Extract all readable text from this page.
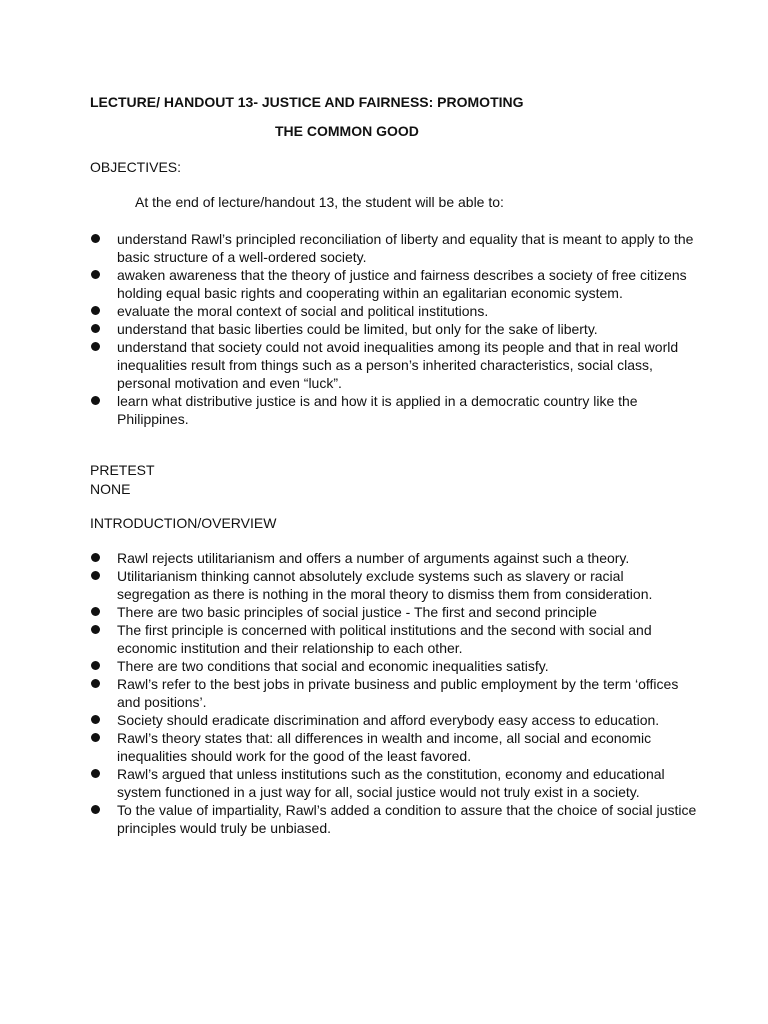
LECTURE/ HANDOUT 13- JUSTICE AND FAIRNESS: PROMOTING
THE COMMON GOOD
OBJECTIVES:
At the end of lecture/handout 13, the student will be able to:
understand Rawl’s principled reconciliation of liberty and equality that is meant to apply to the basic structure of a well-ordered society.
awaken awareness that the theory of justice and fairness describes a society of free citizens holding equal basic rights and cooperating within an egalitarian economic system.
evaluate the moral context of social and political institutions.
understand that basic liberties could be limited, but only for the sake of liberty.
understand that society could not avoid inequalities among its people and that in real world inequalities result from things such as a person’s inherited characteristics, social class, personal motivation and even “luck”.
learn what distributive justice is and how it is applied in a democratic country like the Philippines.
PRETEST
NONE
INTRODUCTION/OVERVIEW
Rawl rejects utilitarianism and offers a number of arguments against such a theory.
Utilitarianism thinking cannot absolutely exclude systems such as slavery or racial segregation as there is nothing in the moral theory to dismiss them from consideration.
There are two basic principles of social justice - The first and second principle
The first principle is concerned with political institutions and the second with social and economic institution and their relationship to each other.
There are two conditions that social and economic inequalities satisfy.
Rawl’s refer to the best jobs in private business and public employment by the term ‘offices and positions’.
Society should eradicate discrimination and afford everybody easy access to education.
Rawl’s theory states that: all differences in wealth and income, all social and economic inequalities should work for the good of the least favored.
Rawl’s argued that unless institutions such as the constitution, economy and educational system functioned in a just way for all, social justice would not truly exist in a society.
To the value of impartiality, Rawl’s added a condition to assure that the choice of social justice principles would truly be unbiased.
